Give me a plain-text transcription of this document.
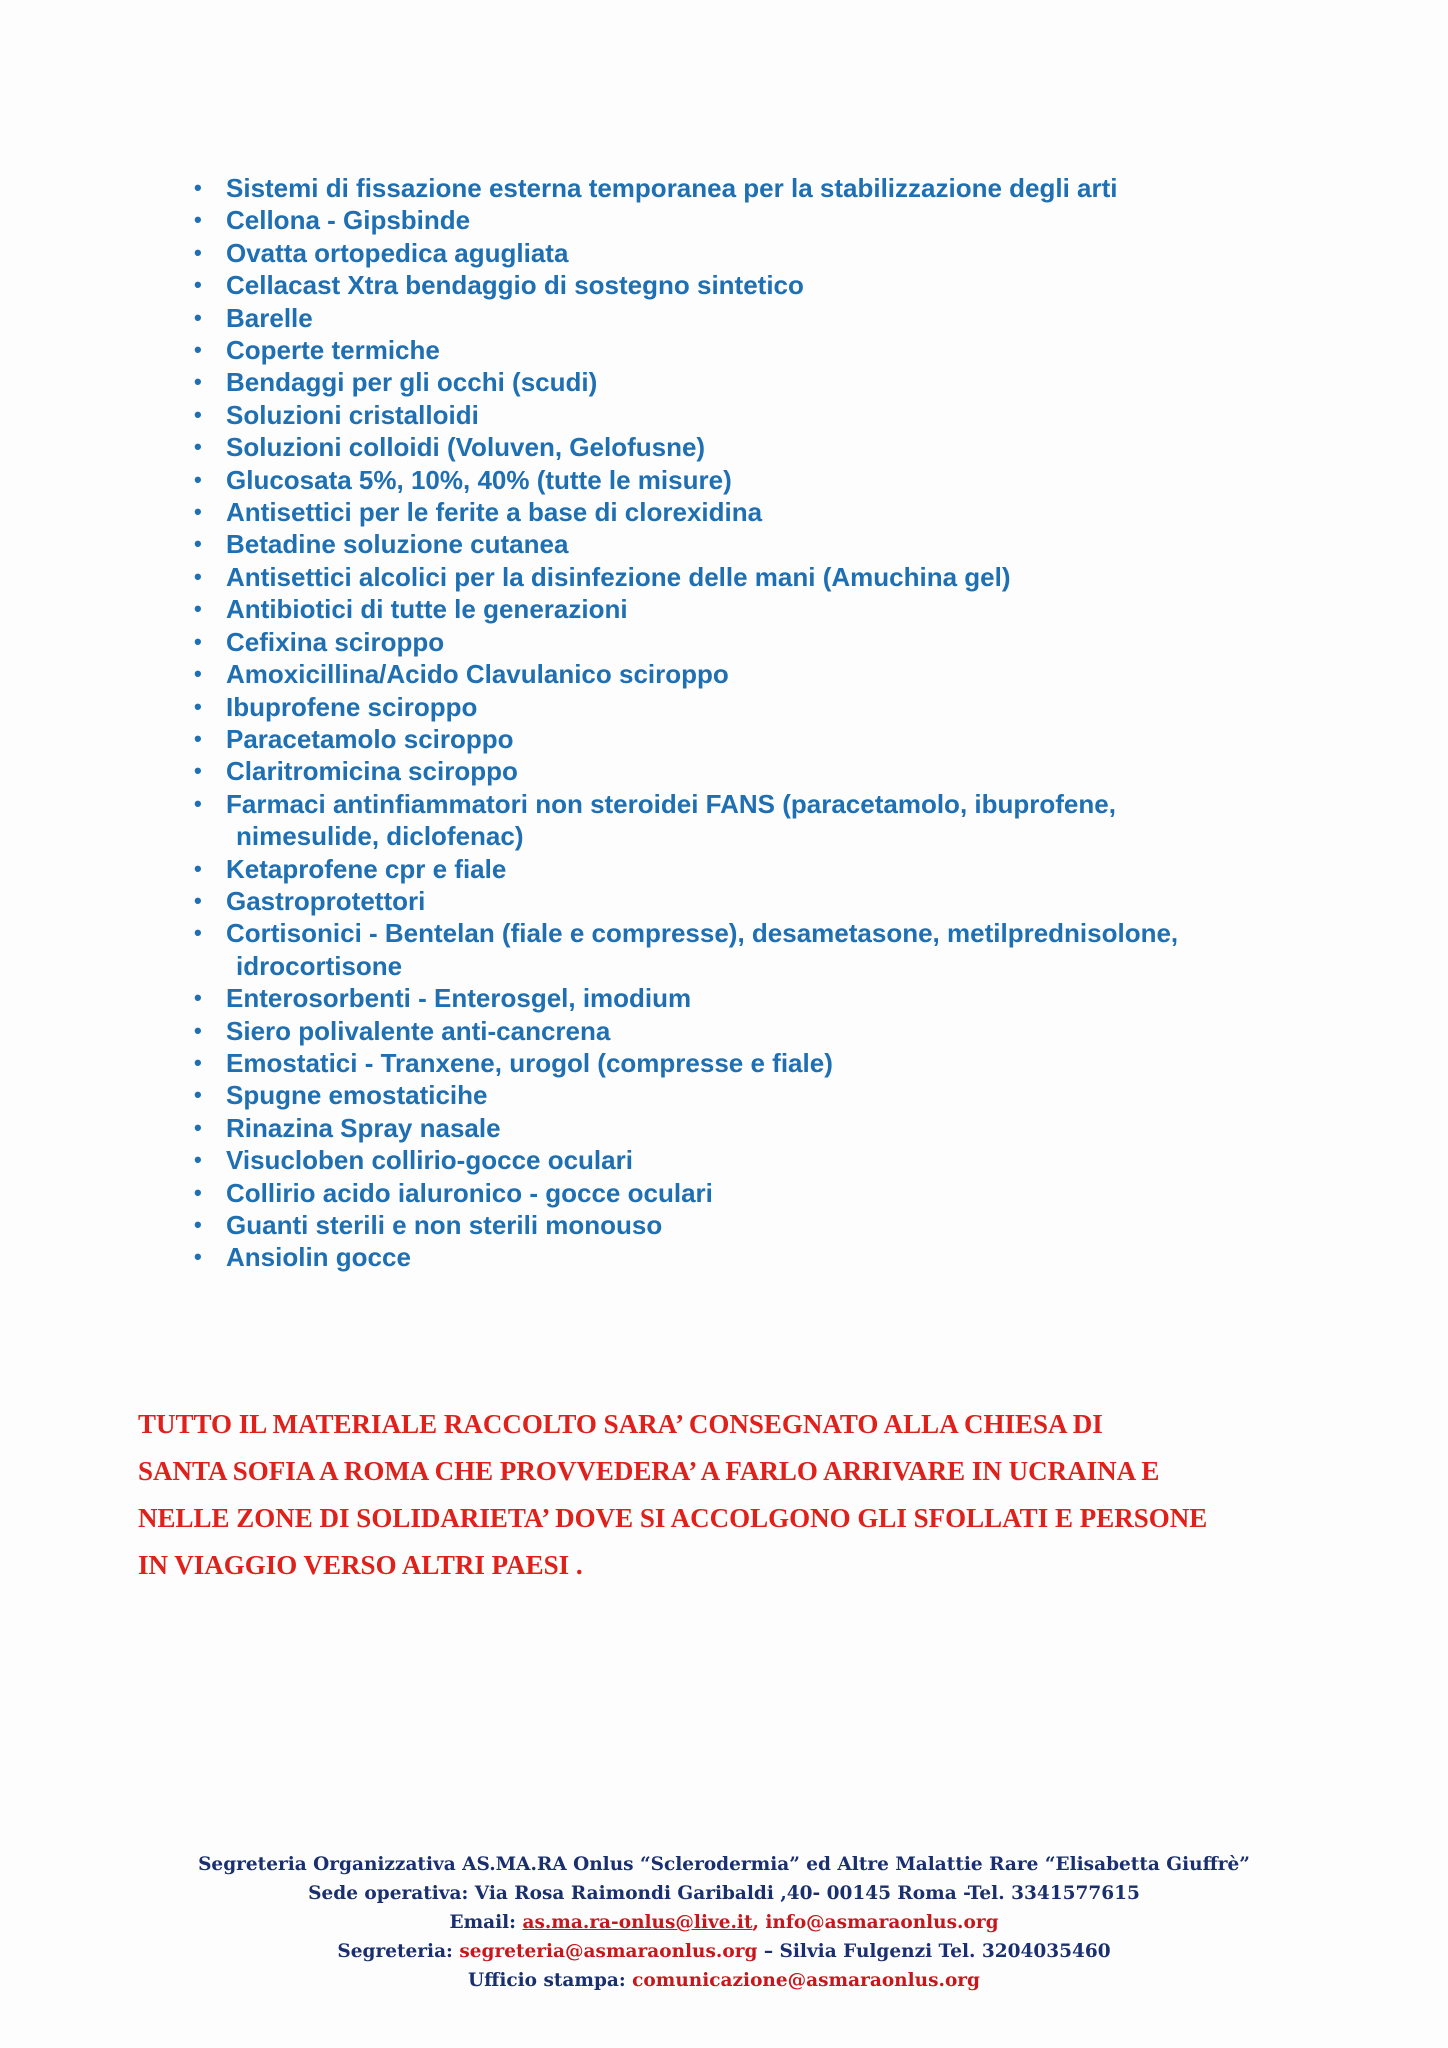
• Sistemi di fissazione esterna temporanea per la stabilizzazione degli arti
• Cellona - Gipsbinde
• Ovatta ortopedica agugliata
• Cellacast Xtra bendaggio di sostegno sintetico
• Barelle
• Coperte termiche
• Bendaggi per gli occhi (scudi)
• Soluzioni cristalloidi
• Soluzioni colloidi (Voluven, Gelofusne)
• Glucosata 5%, 10%, 40% (tutte le misure)
• Antisettici per le ferite a base di clorexidina
• Betadine soluzione cutanea
• Antisettici alcolici per la disinfezione delle mani (Amuchina gel)
• Antibiotici di tutte le generazioni
• Cefixina sciroppo
• Amoxicillina/Acido Clavulanico sciroppo
• Ibuprofene sciroppo
• Paracetamolo sciroppo
• Claritromicina sciroppo
• Farmaci antinfiammatori non steroidei FANS (paracetamolo, ibuprofene,
nimesulide, diclofenac)
• Ketaprofene cpr e fiale
• Gastroprotettori
• Cortisonici - Bentelan (fiale e compresse), desametasone, metilprednisolone,
idrocortisone
• Enterosorbenti - Enterosgel, imodium
• Siero polivalente anti-cancrena
• Emostatici - Tranxene, urogol (compresse e fiale)
• Spugne emostaticihe
• Rinazina Spray nasale
• Visucloben collirio-gocce oculari
• Collirio acido ialuronico - gocce oculari
• Guanti sterili e non sterili monouso
• Ansiolin gocce
TUTTO IL MATERIALE RACCOLTO SARA’ CONSEGNATO ALLA CHIESA DI
SANTA SOFIA A ROMA CHE PROVVEDERA’ A FARLO ARRIVARE IN UCRAINA E
NELLE ZONE DI SOLIDARIETA’ DOVE SI ACCOLGONO GLI SFOLLATI E PERSONE
IN VIAGGIO VERSO ALTRI PAESI .
Segreteria Organizzativa AS.MA.RA Onlus “Sclerodermia” ed Altre Malattie Rare “Elisabetta Giuffrè”
Sede operativa: Via Rosa Raimondi Garibaldi ,40- 00145 Roma -Tel. 3341577615
Email: as.ma.ra-onlus@live.it, info@asmaraonlus.org
Segreteria: segreteria@asmaraonlus.org – Silvia Fulgenzi Tel. 3204035460
Ufficio stampa: comunicazione@asmaraonlus.org
